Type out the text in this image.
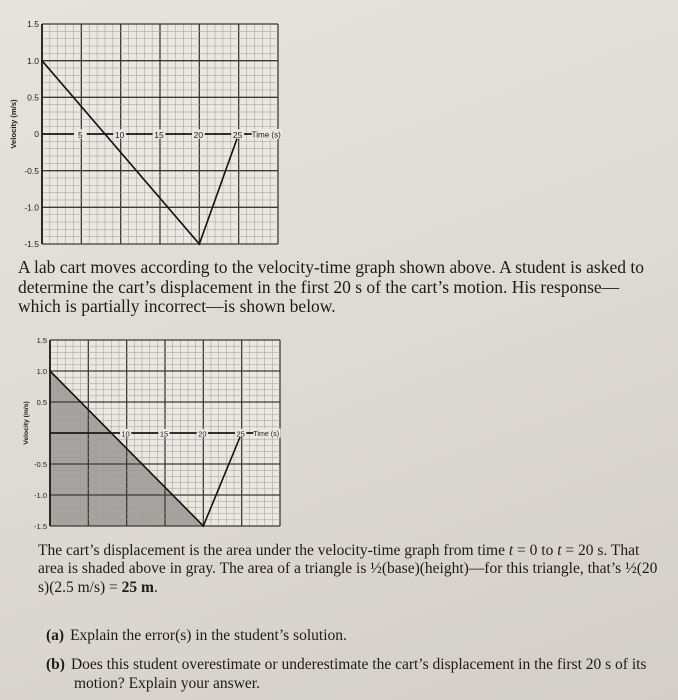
5	10	15	20	25 Time (s)
1.5
1.0
0.5
0
-0.5
-1.0
-1.5
Velocity (m/s)

A lab cart moves according to the velocity-time graph shown above. A student is asked to determine the cart’s displacement in the first 20 s of the cart’s motion. His response—which is partially incorrect—is shown below.

10	15	20	25 Time (s)
1.5
1.0
0.5
-0.5
-1.0
-1.5
Velocity (m/s)

The cart’s displacement is the area under the velocity-time graph from time t = 0 to t = 20 s. That area is shaded above in gray. The area of a triangle is ½(base)(height)—for this triangle, that’s ½(20 s)(2.5 m/s) = 25 m.

(a) Explain the error(s) in the student’s solution.

(b) Does this student overestimate or underestimate the cart’s displacement in the first 20 s of its motion? Explain your answer.
